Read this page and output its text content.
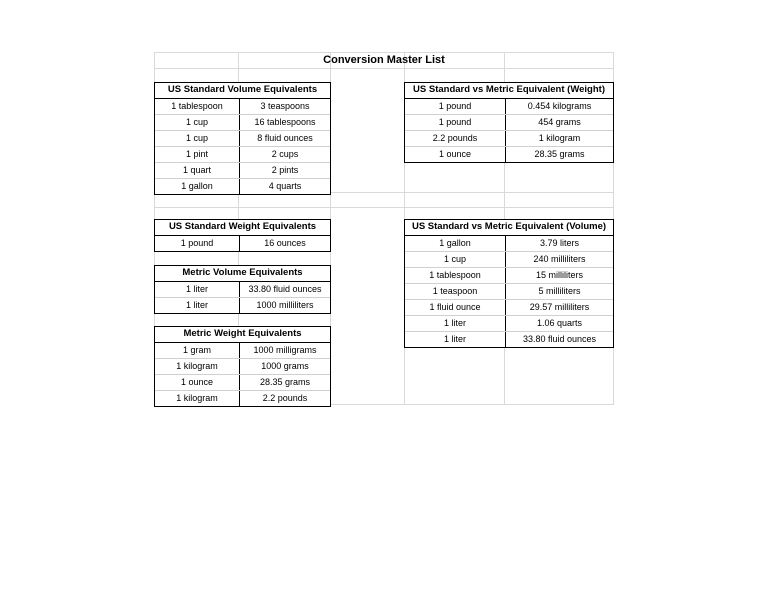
Conversion Master List
US Standard Volume Equivalents
1 tablespoon	3 teaspoons
1 cup	16 tablespoons
1 cup	8 fluid ounces
1 pint	2 cups
1 quart	2 pints
1 gallon	4 quarts
US Standard Weight Equivalents
1 pound	16 ounces
Metric Volume Equivalents
1 liter	33.80 fluid ounces
1 liter	1000 milliliters
Metric Weight Equivalents
1 gram	1000 milligrams
1 kilogram	1000 grams
1 ounce	28.35 grams
1 kilogram	2.2 pounds
US Standard vs Metric Equivalent (Weight)
1 pound	0.454 kilograms
1 pound	454 grams
2.2 pounds	1 kilogram
1 ounce	28.35 grams
US Standard vs Metric Equivalent (Volume)
1 gallon	3.79 liters
1 cup	240 milliliters
1 tablespoon	15 milliliters
1 teaspoon	5 milliliters
1 fluid ounce	29.57 milliliters
1 liter	1.06 quarts
1 liter	33.80 fluid ounces
